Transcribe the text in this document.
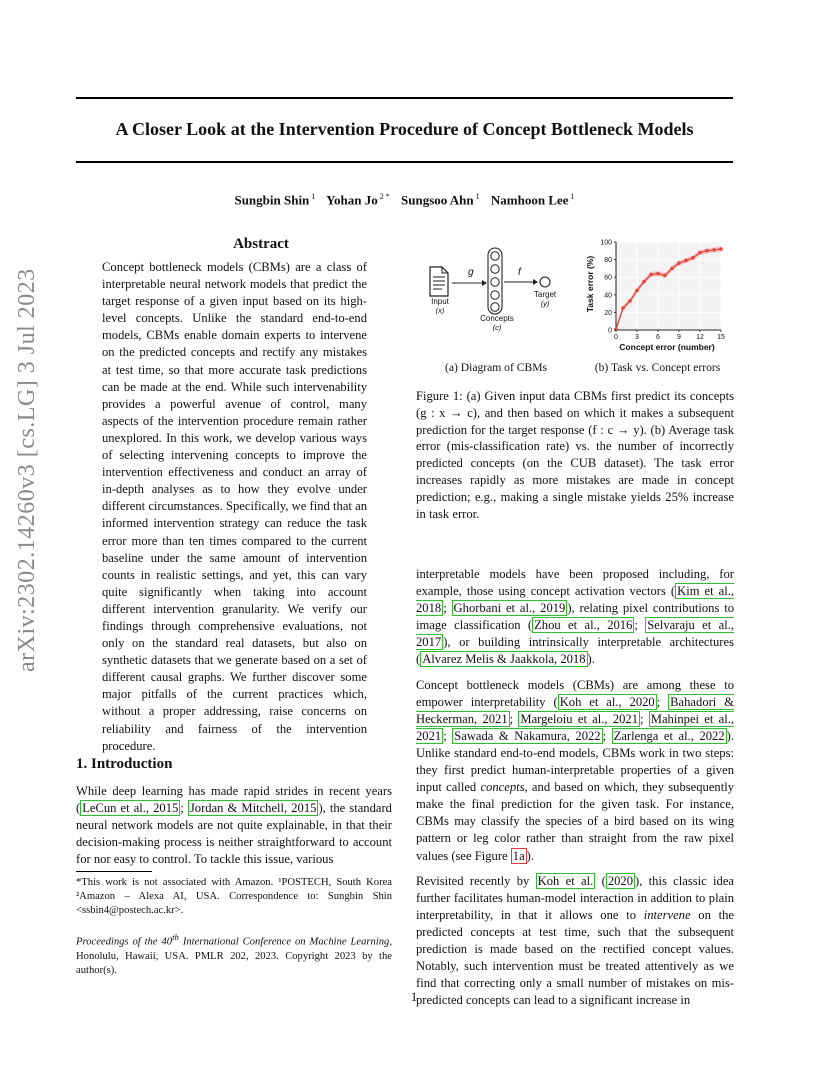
arXiv:2302.14260v3 [cs.LG] 3 Jul 2023
A Closer Look at the Intervention Procedure of Concept Bottleneck Models
Sungbin Shin $^1$ Yohan Jo $^{2 *}$ Sungsoo Ahn $^1$ Namhoon Lee $^1$
Abstract
Concept bottleneck models (CBMs) are a class of interpretable neural network models that predict the target response of a given input based on its high-level concepts. Unlike the standard end-to-end models, CBMs enable domain experts to intervene on the predicted concepts and rectify any mistakes at test time, so that more accurate task predictions can be made at the end. While such intervenability provides a powerful avenue of control, many aspects of the intervention procedure remain rather unexplored. In this work, we develop various ways of selecting intervening concepts to improve the intervention effectiveness and conduct an array of in-depth analyses as to how they evolve under different circumstances. Specifically, we find that an informed intervention strategy can reduce the task error more than ten times compared to the current baseline under the same amount of intervention counts in realistic settings, and yet, this can vary quite significantly when taking into account different intervention granularity. We verify our findings through comprehensive evaluations, not only on the standard real datasets, but also on synthetic datasets that we generate based on a set of different causal graphs. We further discover some major pitfalls of the current practices which, without a proper addressing, raise concerns on reliability and fairness of the intervention procedure.
1. Introduction

While deep learning has made rapid strides in recent years ( LeCun et al., 2015 ; Jordan & Mitchell, 2015 ), the standard neural network models are not quite explainable, in that their decision-making process is neither straightforward to account for nor easy to control. To tackle this issue, various

*This work is not associated with Amazon. ¹POSTECH, South Korea ²Amazon – Alexa AI, USA. Correspondence to: Sungbin Shin <ssbin4@postech.ac.kr>.
Proceedings of the 40th International Conference on Machine Learning, Honolulu, Hawaii, USA. PMLR 202, 2023. Copyright 2023 by the author(s).
Input
(x)
g
Concepts
(c)
f
Target
(y)
0 3 6 9 12 15
0
20
40
60
80
100
Concept error (number)
Task error (%)
(a) Diagram of CBMs	(b) Task vs. Concept errors
Figure 1: (a) Given input data CBMs first predict its concepts (g : x → c), and then based on which it makes a subsequent prediction for the target response (f : c → y). (b) Average task error (mis-classification rate) vs. the number of incorrectly predicted concepts (on the CUB dataset). The task error increases rapidly as more mistakes are made in concept prediction; e.g., making a single mistake yields 25% increase in task error.

interpretable models have been proposed including, for example, those using concept activation vectors ( Kim et al., 2018 ; Ghorbani et al., 2019 ), relating pixel contributions to image classification ( Zhou et al., 2016 ; Selvaraju et al., 2017 ), or building intrinsically interpretable architectures ( Alvarez Melis & Jaakkola, 2018 ).

Concept bottleneck models (CBMs) are among these to empower interpretability ( Koh et al., 2020 ; Bahadori & Heckerman, 2021 ; Margeloiu et al., 2021 ; Mahinpei et al., 2021 ; Sawada & Nakamura, 2022 ; Zarlenga et al., 2022 ). Unlike standard end-to-end models, CBMs work in two steps: they first predict human-interpretable properties of a given input called concepts, and based on which, they subsequently make the final prediction for the given task. For instance, CBMs may classify the species of a bird based on its wing pattern or leg color rather than straight from the raw pixel values (see Figure 1a ).

Revisited recently by Koh et al. ( 2020 ), this classic idea further facilitates human-model interaction in addition to plain interpretability, in that it allows one to intervene on the predicted concepts at test time, such that the subsequent prediction is made based on the rectified concept values. Notably, such intervention must be treated attentively as we find that correcting only a small number of mistakes on mis-predicted concepts can lead to a significant increase in

1
